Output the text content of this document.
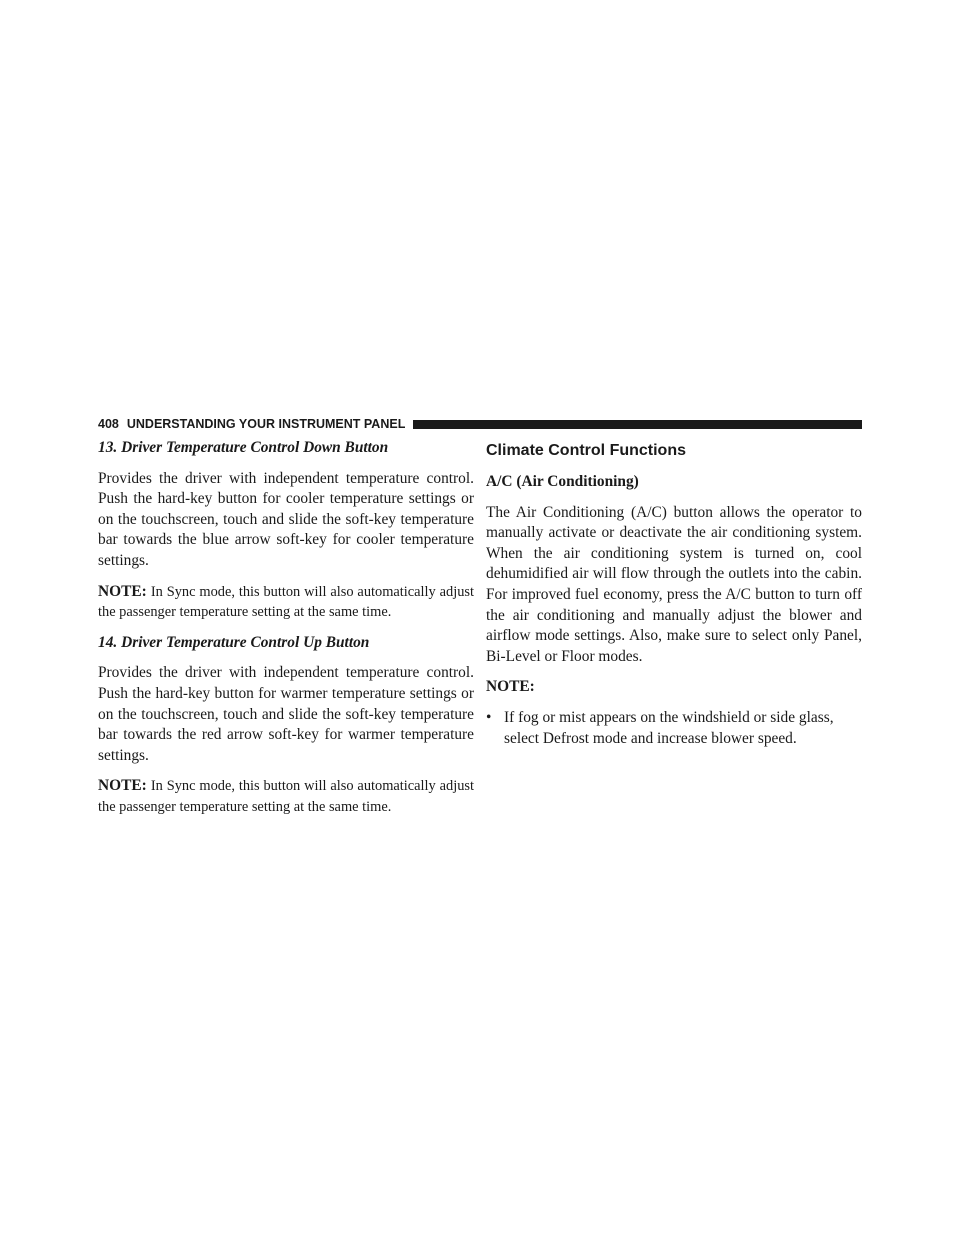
408 UNDERSTANDING YOUR INSTRUMENT PANEL
13. Driver Temperature Control Down Button

Provides the driver with independent temperature control. Push the hard-key button for cooler temperature settings or on the touchscreen, touch and slide the soft-key temperature bar towards the blue arrow soft-key for cooler temperature settings.

NOTE: In Sync mode, this button will also automatically adjust the passenger temperature setting at the same time.

14. Driver Temperature Control Up Button

Provides the driver with independent temperature control. Push the hard-key button for warmer temperature settings or on the touchscreen, touch and slide the soft-key temperature bar towards the red arrow soft-key for warmer temperature settings.

NOTE: In Sync mode, this button will also automatically adjust the passenger temperature setting at the same time.

Climate Control Functions
A/C (Air Conditioning)

The Air Conditioning (A/C) button allows the operator to manually activate or deactivate the air conditioning system. When the air conditioning system is turned on, cool dehumidified air will flow through the outlets into the cabin. For improved fuel economy, press the A/C button to turn off the air conditioning and manually adjust the blower and airflow mode settings. Also, make sure to select only Panel, Bi-Level or Floor modes.

NOTE:
• If fog or mist appears on the windshield or side glass, select Defrost mode and increase blower speed.
